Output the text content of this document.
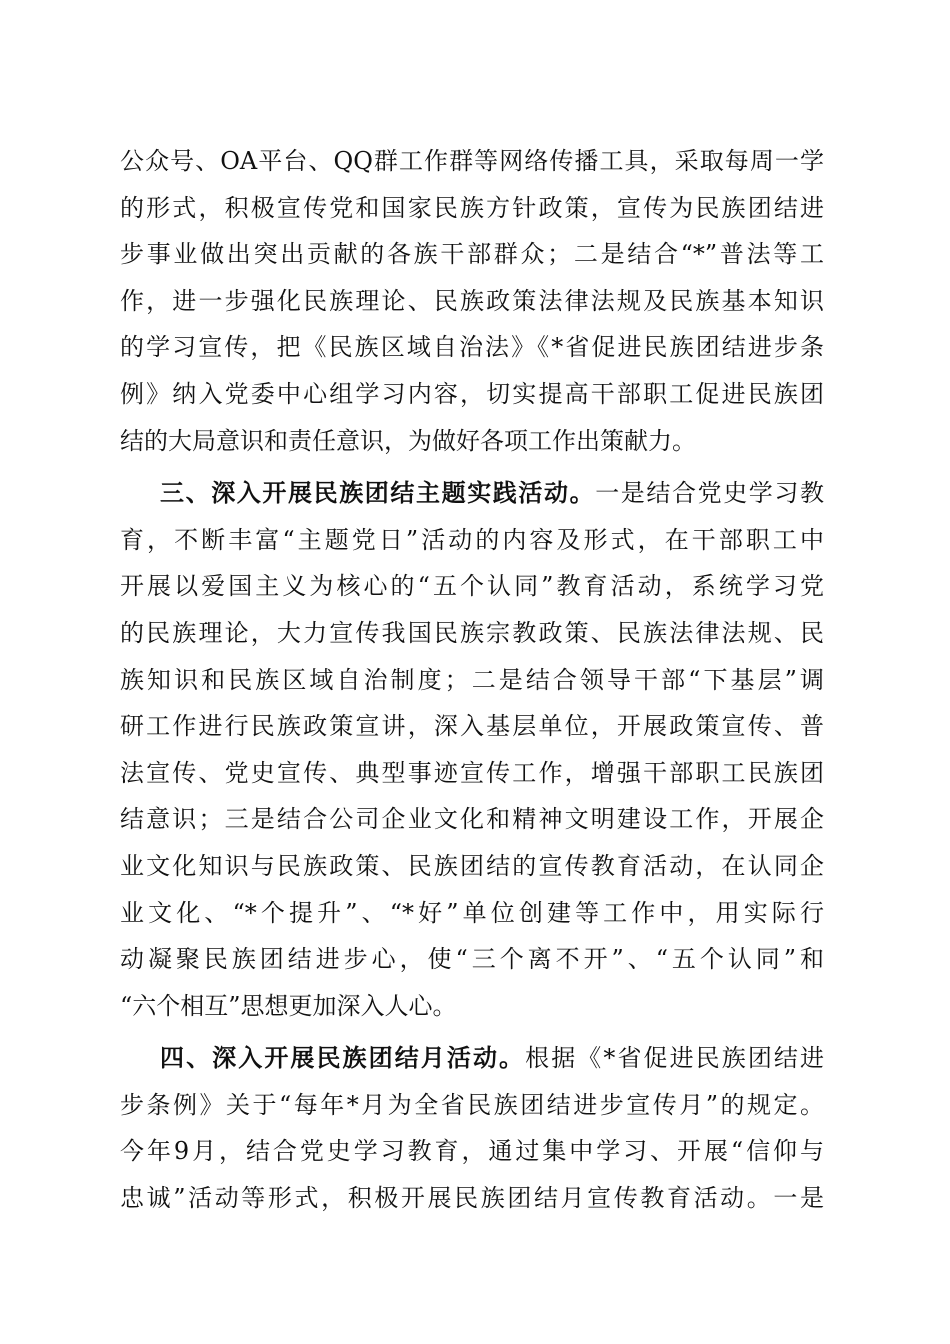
公众号、OA平台、QQ群工作群等网络传播工具，采取每周一学
的形式，积极宣传党和国家民族方针政策，宣传为民族团结进
步事业做出突出贡献的各族干部群众；二是结合“*”普法等工
作，进一步强化民族理论、民族政策法律法规及民族基本知识
的学习宣传，把《民族区域自治法》《*省促进民族团结进步条
例》纳入党委中心组学习内容，切实提高干部职工促进民族团
结的大局意识和责任意识，为做好各项工作出策献力。
三、深入开展民族团结主题实践活动。一是结合党史学习教
育，不断丰富“主题党日”活动的内容及形式，在干部职工中
开展以爱国主义为核心的“五个认同”教育活动，系统学习党
的民族理论，大力宣传我国民族宗教政策、民族法律法规、民
族知识和民族区域自治制度；二是结合领导干部“下基层”调
研工作进行民族政策宣讲，深入基层单位，开展政策宣传、普
法宣传、党史宣传、典型事迹宣传工作，增强干部职工民族团
结意识；三是结合公司企业文化和精神文明建设工作，开展企
业文化知识与民族政策、民族团结的宣传教育活动，在认同企
业文化、“*个提升”、“*好”单位创建等工作中，用实际行
动凝聚民族团结进步心，使“三个离不开”、“五个认同”和
“六个相互”思想更加深入人心。
四、深入开展民族团结月活动。根据《*省促进民族团结进
步条例》关于“每年*月为全省民族团结进步宣传月”的规定。
今年9月，结合党史学习教育，通过集中学习、开展“信仰与
忠诚”活动等形式，积极开展民族团结月宣传教育活动。一是
